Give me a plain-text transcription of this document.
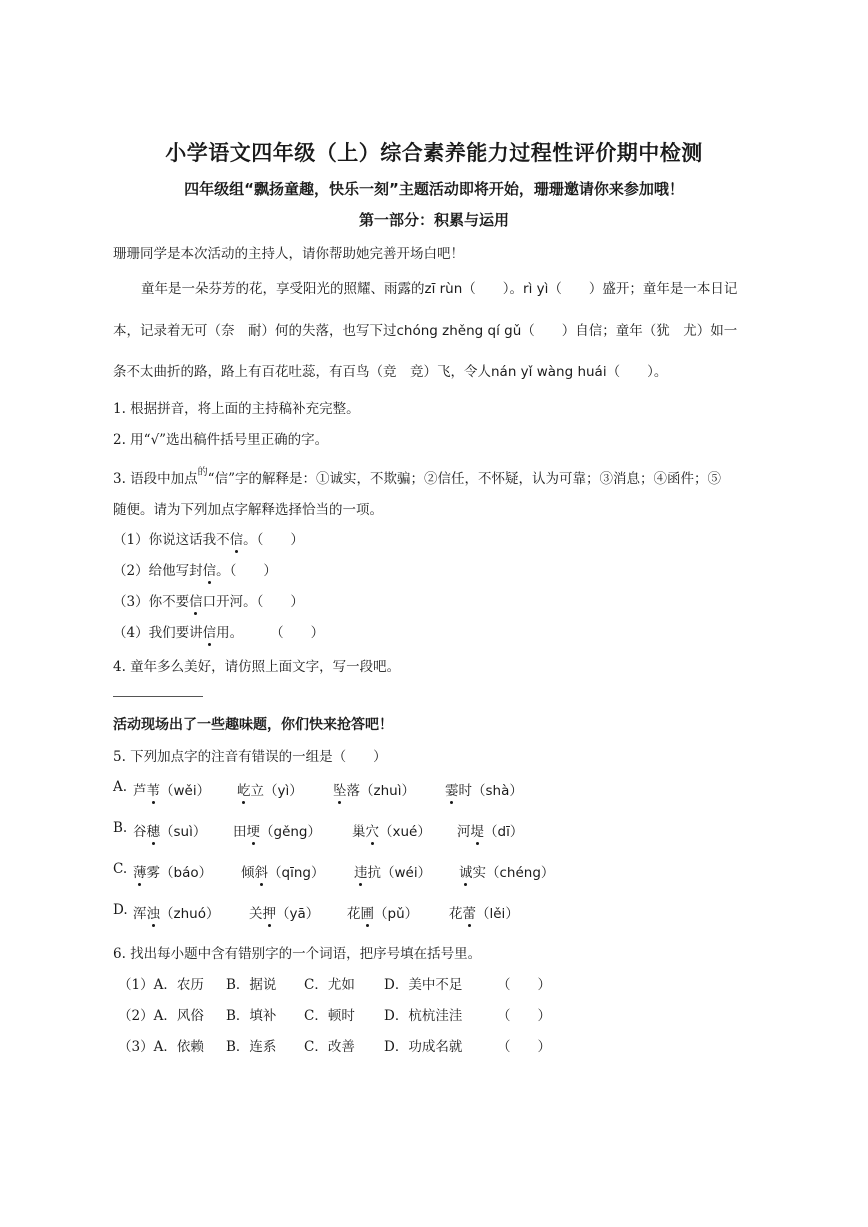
小学语文四年级（上）综合素养能力过程性评价期中检测
四年级组“飘扬童趣，快乐一刻”主题活动即将开始，珊珊邀请你来参加哦！
第一部分：积累与运用
珊珊同学是本次活动的主持人，请你帮助她完善开场白吧！
童年是一朵芬芳的花，享受阳光的照耀、雨露的zī rùn（　　）。rì yì（　　）盛开；童年是一本日记
本，记录着无可（奈　耐）何的失落，也写下过chóng zhěng qí gǔ（　　）自信；童年（犹　尤）如一
条不太曲折的路，路上有百花吐蕊，有百鸟（竞　竞）飞，令人nán yǐ wàng huái（　　）。
1. 根据拼音，将上面的主持稿补充完整。
2. 用“√”选出稿件括号里正确的字。
3. 语段中加点$^的$“信”字的解释是：①诚实，不欺骗；②信任，不怀疑，认为可靠；③消息；④函件；⑤
随便。请为下列加点字解释选择恰当的一项。
（1）你说这话我不信。（　　）
（2）给他写封信。（　　）
（3）你不要信口开河。（　　）
（4）我们要讲信用。　　　（　　）
4. 童年多么美好，请仿照上面文字，写一段吧。
活动现场出了一些趣味题，你们快来抢答吧！
5. 下列加点字的注音有错误的一组是（　　）
A. 芦苇（wěi） 屹立（yì） 坠落（zhuì） 霎时（shà）
B. 谷穗（suì） 田埂（gěng） 巢穴（xué） 河堤（dī）
C. 薄雾（báo） 倾斜（qīng） 违抗（wéi） 诚实（chéng）
D. 浑浊（zhuó） 关押（yā） 花圃（pǔ） 花蕾（lěi）
6. 找出每小题中含有错别字的一个词语，把序号填在括号里。
（1）A．农历 B．据说 C．尤如 D．美中不足	（　　）
（2）A．风俗 B．填补 C．顿时 D．杭杭洼洼	（　　）
（3）A．依赖 B．连系 C．改善 D．功成名就	（　　）
